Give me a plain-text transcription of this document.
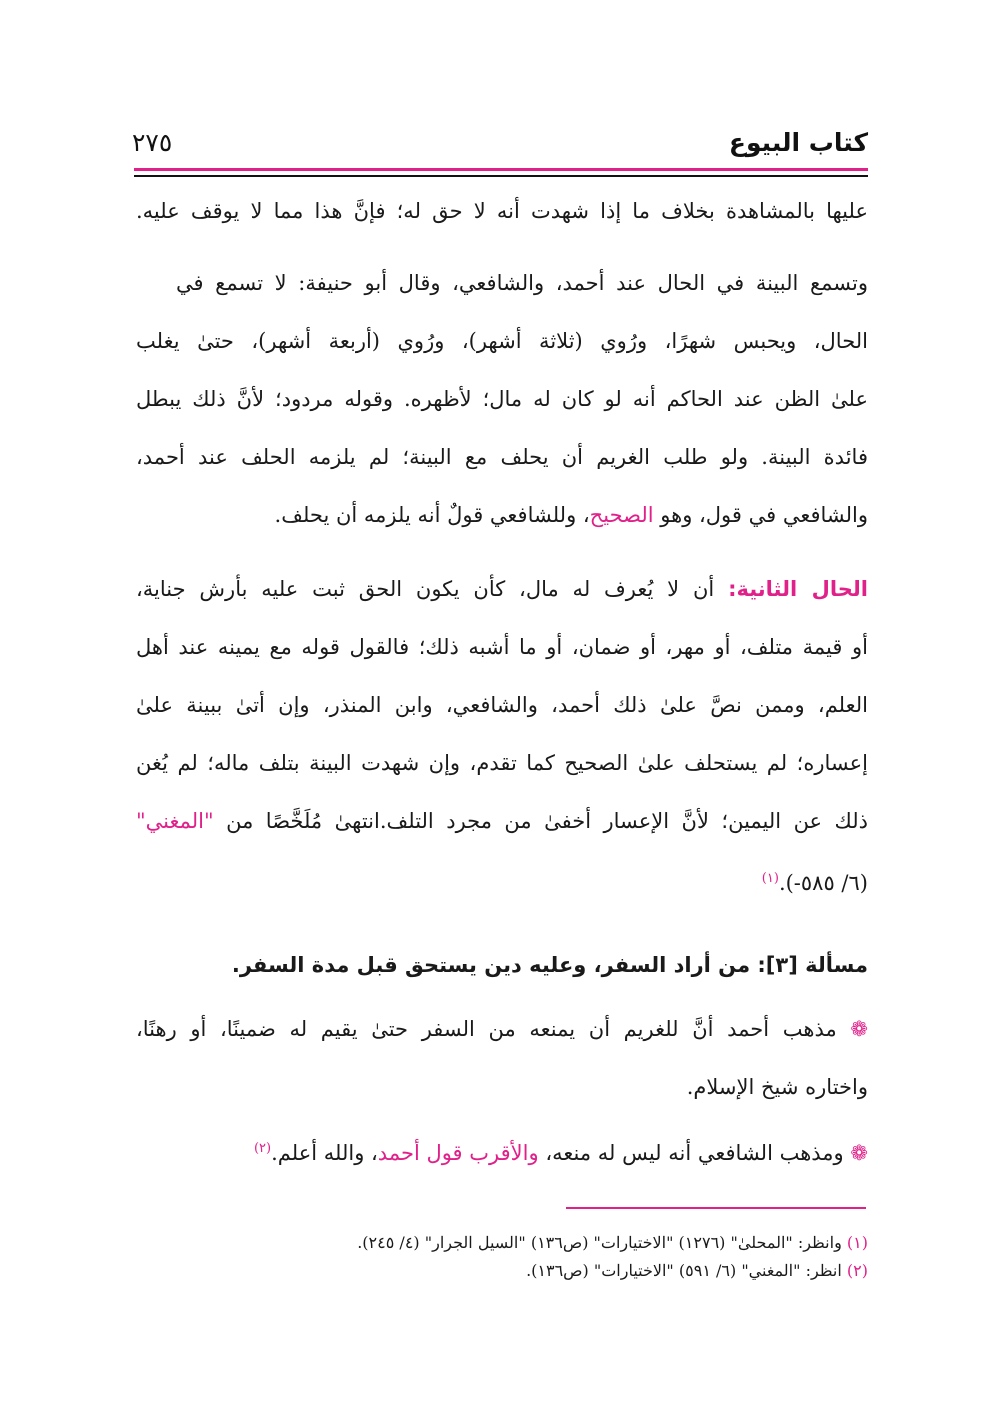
كتاب البيوع
٢٧٥
عليها بالمشاهدة بخلاف ما إذا شهدت أنه لا حق له؛ فإنَّ هذا مما لا يوقف عليه.
وتسمع البينة في الحال عند أحمد، والشافعي، وقال أبو حنيفة: لا تسمع في
الحال، ويحبس شهرًا، ورُوي (ثلاثة أشهر)، ورُوي (أربعة أشهر)، حتىٰ يغلب
علىٰ الظن عند الحاكم أنه لو كان له مال؛ لأظهره. وقوله مردود؛ لأنَّ ذلك يبطل
فائدة البينة. ولو طلب الغريم أن يحلف مع البينة؛ لم يلزمه الحلف عند أحمد،
والشافعي في قول، وهو الصحيح، وللشافعي قولٌ أنه يلزمه أن يحلف.
الحال الثانية: أن لا يُعرف له مال، كأن يكون الحق ثبت عليه بأرش جناية،
أو قيمة متلف، أو مهر، أو ضمان، أو ما أشبه ذلك؛ فالقول قوله مع يمينه عند أهل
العلم، وممن نصَّ علىٰ ذلك أحمد، والشافعي، وابن المنذر، وإن أتىٰ ببينة علىٰ
إعساره؛ لم يستحلف علىٰ الصحيح كما تقدم، وإن شهدت البينة بتلف ماله؛ لم يُغن
ذلك عن اليمين؛ لأنَّ الإعسار أخفىٰ من مجرد التلف.انتهىٰ مُلَخَّصًا من "المغني"
(٦/ ٥٨٥-).$^{(١)}$
مسألة [٣]: من أراد السفر، وعليه دين يستحق قبل مدة السفر.
❁ مذهب أحمد أنَّ للغريم أن يمنعه من السفر حتىٰ يقيم له ضمينًا، أو رهنًا،
واختاره شيخ الإسلام.
❁ ومذهب الشافعي أنه ليس له منعه، والأقرب قول أحمد، والله أعلم.$^{(٢)}$
(١) وانظر: "المحلىٰ" (١٢٧٦) "الاختيارات" (ص١٣٦) "السيل الجرار" (٤/ ٢٤٥).
(٢) انظر: "المغني" (٦/ ٥٩١) "الاختيارات" (ص١٣٦).
